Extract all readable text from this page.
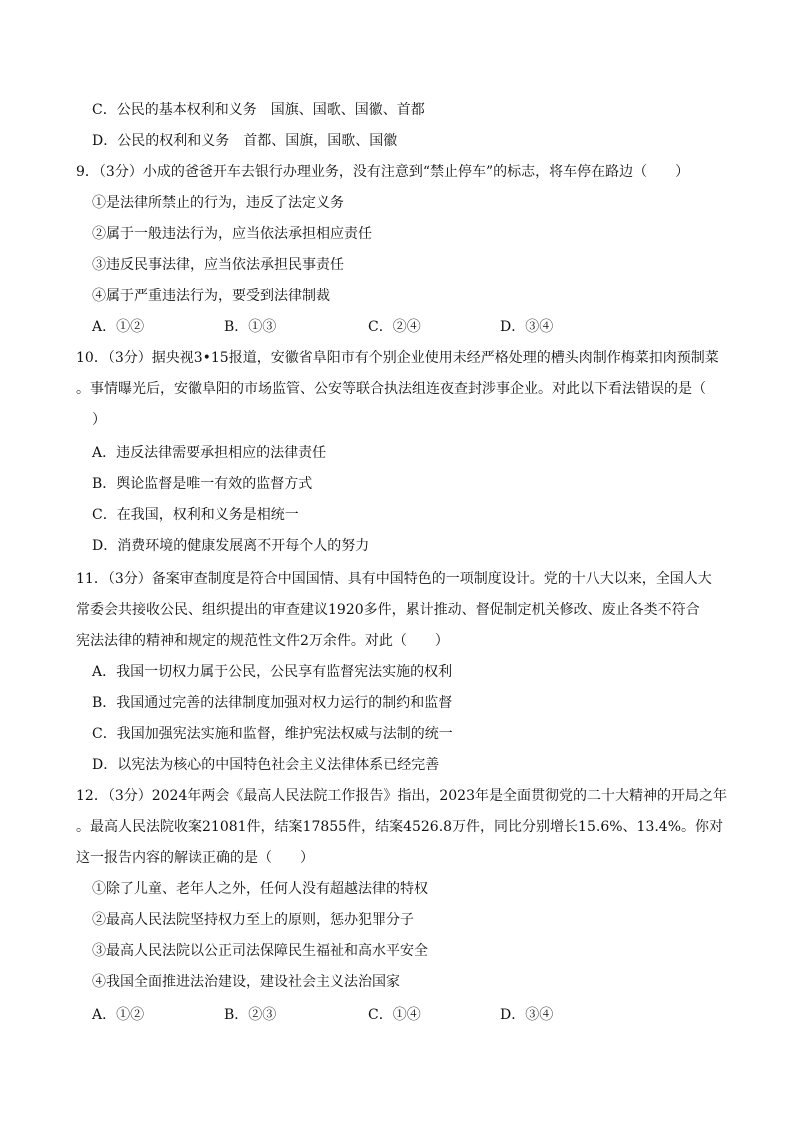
C．公民的基本权利和义务　国旗、国歌、国徽、首都
D．公民的权利和义务　首都、国旗，国歌、国徽
9．（3分）小成的爸爸开车去银行办理业务，没有注意到“禁止停车”的标志，将车停在路边（　　）
①是法律所禁止的行为，违反了法定义务
②属于一般违法行为，应当依法承担相应责任
③违反民事法律，应当依法承担民事责任
④属于严重违法行为，要受到法律制裁
A．①②	B．①③	C．②④	D．③④
10．（3分）据央视3•15报道，安徽省阜阳市有个别企业使用未经严格处理的槽头肉制作梅菜扣肉预制菜
。事情曝光后，安徽阜阳的市场监管、公安等联合执法组连夜查封涉事企业。对此以下看法错误的是（
）
A．违反法律需要承担相应的法律责任
B．舆论监督是唯一有效的监督方式
C．在我国，权利和义务是相统一
D．消费环境的健康发展离不开每个人的努力
11．（3分）备案审查制度是符合中国国情、具有中国特色的一项制度设计。党的十八大以来，全国人大
常委会共接收公民、组织提出的审查建议1920多件，累计推动、督促制定机关修改、废止各类不符合
宪法法律的精神和规定的规范性文件2万余件。对此（　　）
A．我国一切权力属于公民，公民享有监督宪法实施的权利
B．我国通过完善的法律制度加强对权力运行的制约和监督
C．我国加强宪法实施和监督，维护宪法权威与法制的统一
D．以宪法为核心的中国特色社会主义法律体系已经完善
12．（3分）2024年两会《最高人民法院工作报告》指出，2023年是全面贯彻党的二十大精神的开局之年
。最高人民法院收案21081件，结案17855件，结案4526.8万件，同比分别增长15.6%、13.4%。你对
这一报告内容的解读正确的是（　　）
①除了儿童、老年人之外，任何人没有超越法律的特权
②最高人民法院坚持权力至上的原则，惩办犯罪分子
③最高人民法院以公正司法保障民生福祉和高水平安全
④我国全面推进法治建设，建设社会主义法治国家
A．①②	B．②③	C．①④	D．③④
